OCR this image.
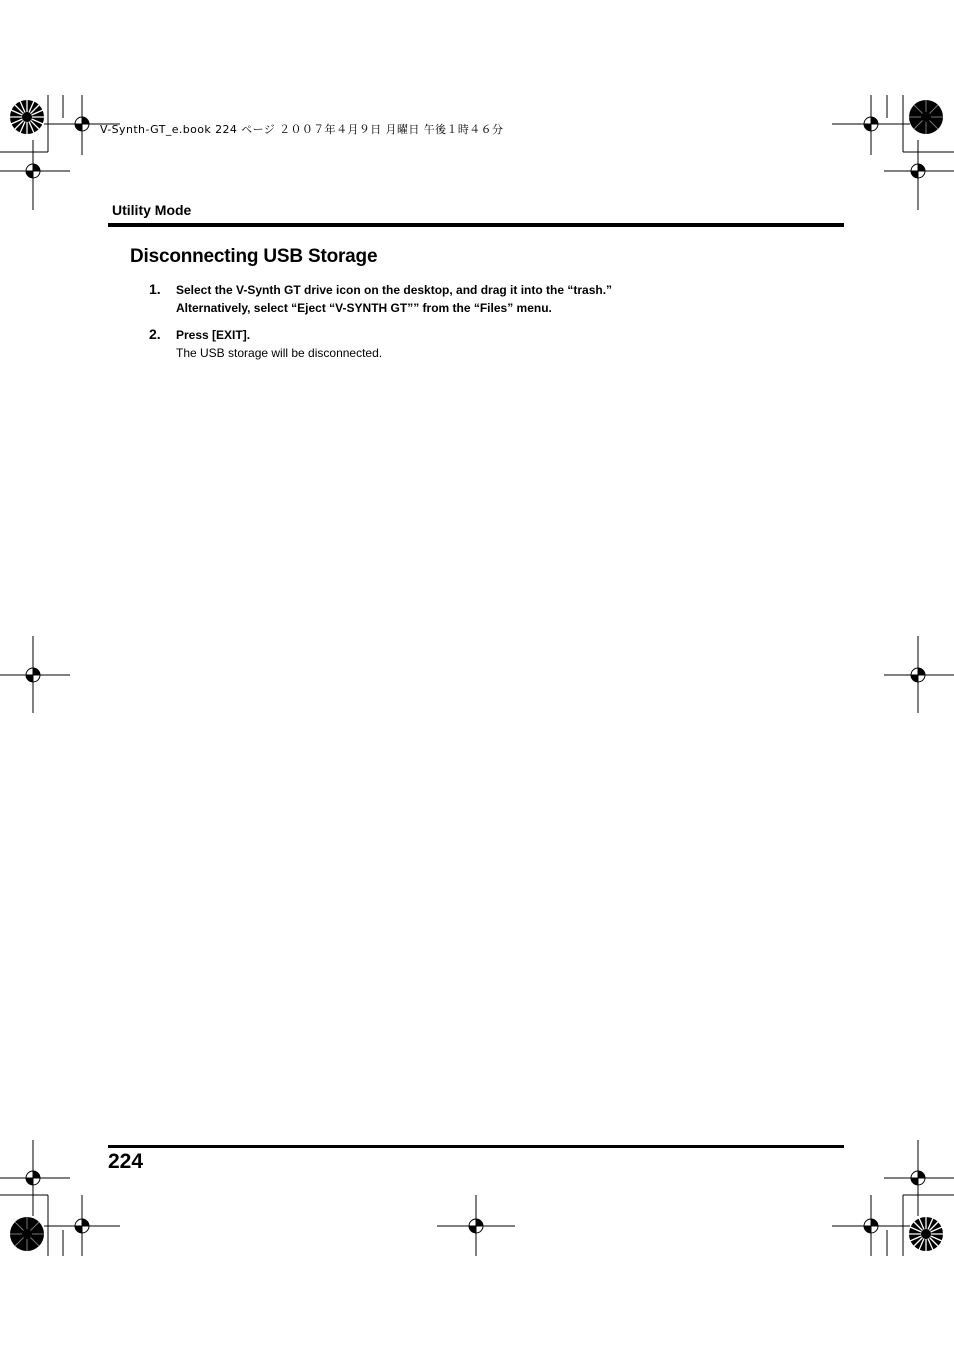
V-Synth-GT_e.book 224 ページ ２００７年４月９日 月曜日 午後１時４６分
Utility Mode
Disconnecting USB Storage
1. Select the V-Synth GT drive icon on the desktop, and drag it into the “trash.”
Alternatively, select “Eject “V-SYNTH GT”” from the “Files” menu.
2. Press [EXIT].
The USB storage will be disconnected.
224
